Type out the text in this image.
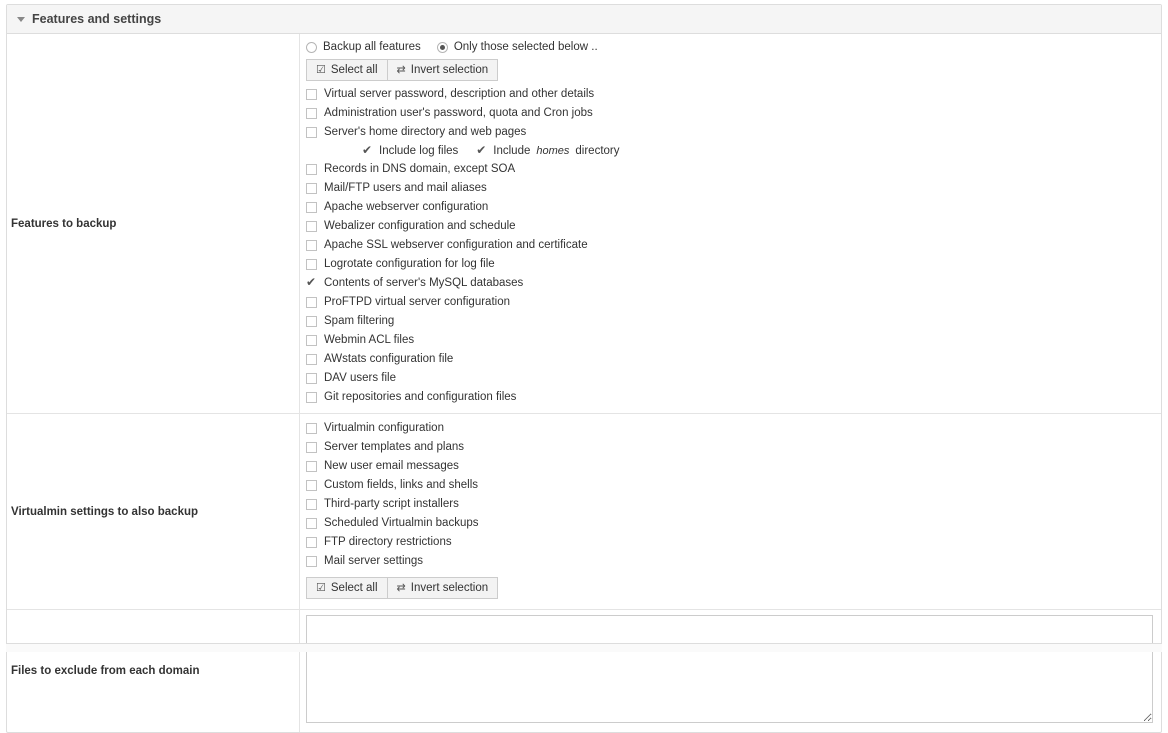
Features and settings
Features to backup
Backup all features	Only those selected below ..
☑ Select all ⇄ Invert selection
Virtual server password, description and other details
Administration user's password, quota and Cron jobs
Server's home directory and web pages
✔
Include log files ✔	Include homes directory
Records in DNS domain, except SOA
Mail/FTP users and mail aliases
Apache webserver configuration
Webalizer configuration and schedule
Apache SSL webserver configuration and certificate
Logrotate configuration for log file
✔
Contents of server's MySQL databases
ProFTPD virtual server configuration
Spam filtering
Webmin ACL files
AWstats configuration file
DAV users file
Git repositories and configuration files
Virtualmin settings to also backup
Virtualmin configuration
Server templates and plans
New user email messages
Custom fields, links and shells
Third-party script installers
Scheduled Virtualmin backups
FTP directory restrictions
Mail server settings
☑ Select all ⇄ Invert selection
Files to exclude from each domain
